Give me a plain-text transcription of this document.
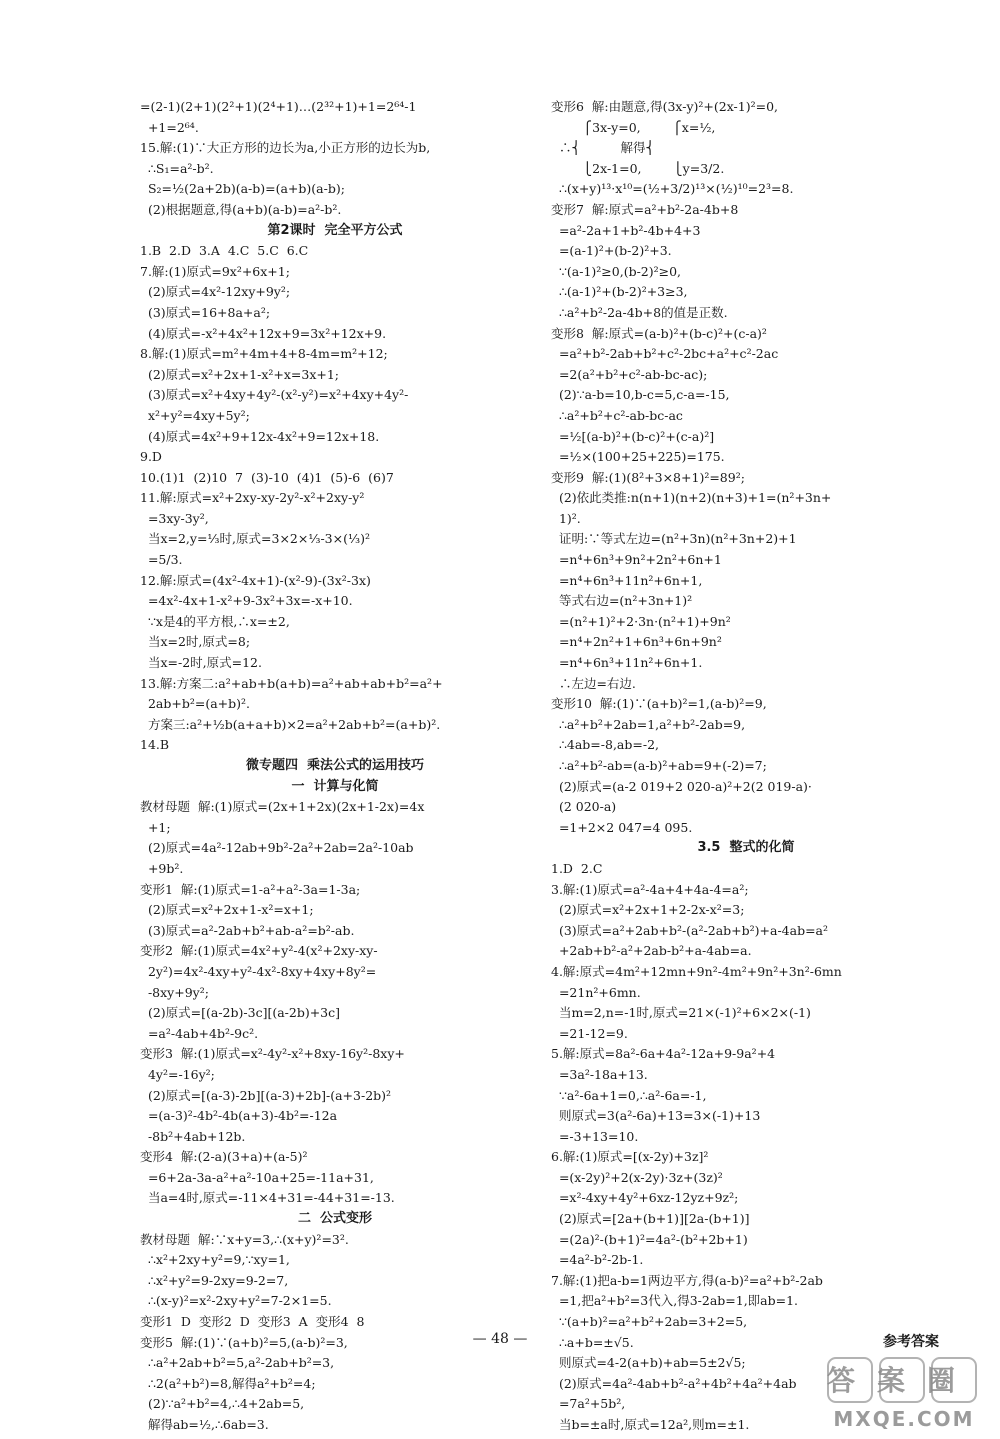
=(2-1)(2+1)(2²+1)(2⁴+1)…(2³²+1)+1=2⁶⁴-1
+1=2⁶⁴.
15.解:(1)∵大正方形的边长为a,小正方形的边长为b,
∴S₁=a²-b².
S₂=½(2a+2b)(a-b)=(a+b)(a-b);
(2)根据题意,得(a+b)(a-b)=a²-b².
第2课时  完全平方公式
1.B  2.D  3.A  4.C  5.C  6.C
7.解:(1)原式=9x²+6x+1;
(2)原式=4x²-12xy+9y²;
(3)原式=16+8a+a²;
(4)原式=-x²+4x²+12x+9=3x²+12x+9.
8.解:(1)原式=m²+4m+4+8-4m=m²+12;
(2)原式=x²+2x+1-x²+x=3x+1;
(3)原式=x²+4xy+4y²-(x²-y²)=x²+4xy+4y²-
x²+y²=4xy+5y²;
(4)原式=4x²+9+12x-4x²+9=12x+18.
9.D
10.(1)1  (2)10  7  (3)-10  (4)1  (5)-6  (6)7
11.解:原式=x²+2xy-xy-2y²-x²+2xy-y²
=3xy-3y²,
当x=2,y=⅓时,原式=3×2×⅓-3×(⅓)²
=5/3.
12.解:原式=(4x²-4x+1)-(x²-9)-(3x²-3x)
=4x²-4x+1-x²+9-3x²+3x=-x+10.
∵x是4的平方根,∴x=±2,
当x=2时,原式=8;
当x=-2时,原式=12.
13.解:方案二:a²+ab+b(a+b)=a²+ab+ab+b²=a²+
2ab+b²=(a+b)².
方案三:a²+½b(a+a+b)×2=a²+2ab+b²=(a+b)².
14.B
微专题四  乘法公式的运用技巧
一  计算与化简
教材母题  解:(1)原式=(2x+1+2x)(2x+1-2x)=4x
+1;
(2)原式=4a²-12ab+9b²-2a²+2ab=2a²-10ab
+9b².
变形1  解:(1)原式=1-a²+a²-3a=1-3a;
(2)原式=x²+2x+1-x²=x+1;
(3)原式=a²-2ab+b²+ab-a²=b²-ab.
变形2  解:(1)原式=4x²+y²-4(x²+2xy-xy-
2y²)=4x²-4xy+y²-4x²-8xy+4xy+8y²=
-8xy+9y²;
(2)原式=[(a-2b)-3c][(a-2b)+3c]
=a²-4ab+4b²-9c².
变形3  解:(1)原式=x²-4y²-x²+8xy-16y²-8xy+
4y²=-16y²;
(2)原式=[(a-3)-2b][(a-3)+2b]-(a+3-2b)²
=(a-3)²-4b²-4b(a+3)-4b²=-12a
-8b²+4ab+12b.
变形4  解:(2-a)(3+a)+(a-5)²
=6+2a-3a-a²+a²-10a+25=-11a+31,
当a=4时,原式=-11×4+31=-44+31=-13.
二  公式变形
教材母题  解:∵x+y=3,∴(x+y)²=3².
∴x²+2xy+y²=9,∵xy=1,
∴x²+y²=9-2xy=9-2=7,
∴(x-y)²=x²-2xy+y²=7-2×1=5.
变形1  D  变形2  D  变形3  A  变形4  8
变形5  解:(1)∵(a+b)²=5,(a-b)²=3,
∴a²+2ab+b²=5,a²-2ab+b²=3,
∴2(a²+b²)=8,解得a²+b²=4;
(2)∵a²+b²=4,∴4+2ab=5,
解得ab=½,∴6ab=3.
变形6  解:由题意,得(3x-y)²+(2x-1)²=0,
⎧3x-y=0,        ⎧x=½,
∴⎨          解得⎨
⎩2x-1=0,        ⎩y=3/2.
∴(x+y)¹³·x¹⁰=(½+3/2)¹³×(½)¹⁰=2³=8.
变形7  解:原式=a²+b²-2a-4b+8
=a²-2a+1+b²-4b+4+3
=(a-1)²+(b-2)²+3.
∵(a-1)²≥0,(b-2)²≥0,
∴(a-1)²+(b-2)²+3≥3,
∴a²+b²-2a-4b+8的值是正数.
变形8  解:原式=(a-b)²+(b-c)²+(c-a)²
=a²+b²-2ab+b²+c²-2bc+a²+c²-2ac
=2(a²+b²+c²-ab-bc-ac);
(2)∵a-b=10,b-c=5,c-a=-15,
∴a²+b²+c²-ab-bc-ac
=½[(a-b)²+(b-c)²+(c-a)²]
=½×(100+25+225)=175.
变形9  解:(1)(8²+3×8+1)²=89²;
(2)依此类推:n(n+1)(n+2)(n+3)+1=(n²+3n+
1)².
证明:∵等式左边=(n²+3n)(n²+3n+2)+1
=n⁴+6n³+9n²+2n²+6n+1
=n⁴+6n³+11n²+6n+1,
等式右边=(n²+3n+1)²
=(n²+1)²+2·3n·(n²+1)+9n²
=n⁴+2n²+1+6n³+6n+9n²
=n⁴+6n³+11n²+6n+1.
∴左边=右边.
变形10  解:(1)∵(a+b)²=1,(a-b)²=9,
∴a²+b²+2ab=1,a²+b²-2ab=9,
∴4ab=-8,ab=-2,
∴a²+b²-ab=(a-b)²+ab=9+(-2)=7;
(2)原式=(a-2 019+2 020-a)²+2(2 019-a)·
(2 020-a)
=1+2×2 047=4 095.
3.5  整式的化简
1.D  2.C
3.解:(1)原式=a²-4a+4+4a-4=a²;
(2)原式=x²+2x+1+2-2x-x²=3;
(3)原式=a²+2ab+b²-(a²-2ab+b²)+a-4ab=a²
+2ab+b²-a²+2ab-b²+a-4ab=a.
4.解:原式=4m²+12mn+9n²-4m²+9n²+3n²-6mn
=21n²+6mn.
当m=2,n=-1时,原式=21×(-1)²+6×2×(-1)
=21-12=9.
5.解:原式=8a²-6a+4a²-12a+9-9a²+4
=3a²-18a+13.
∵a²-6a+1=0,∴a²-6a=-1,
则原式=3(a²-6a)+13=3×(-1)+13
=-3+13=10.
6.解:(1)原式=[(x-2y)+3z]²
=(x-2y)²+2(x-2y)·3z+(3z)²
=x²-4xy+4y²+6xz-12yz+9z²;
(2)原式=[2a+(b+1)][2a-(b+1)]
=(2a)²-(b+1)²=4a²-(b²+2b+1)
=4a²-b²-2b-1.
7.解:(1)把a-b=1两边平方,得(a-b)²=a²+b²-2ab
=1,把a²+b²=3代入,得3-2ab=1,即ab=1.
∵(a+b)²=a²+b²+2ab=3+2=5,
∴a+b=±√5.
则原式=4-2(a+b)+ab=5±2√5;
(2)原式=4a²-4ab+b²-a²+4b²+4a²+4ab
=7a²+5b²,
当b=±a时,原式=12a²,则m=±1.
— 48 —	参考答案
答案圈
MXQE.COM
